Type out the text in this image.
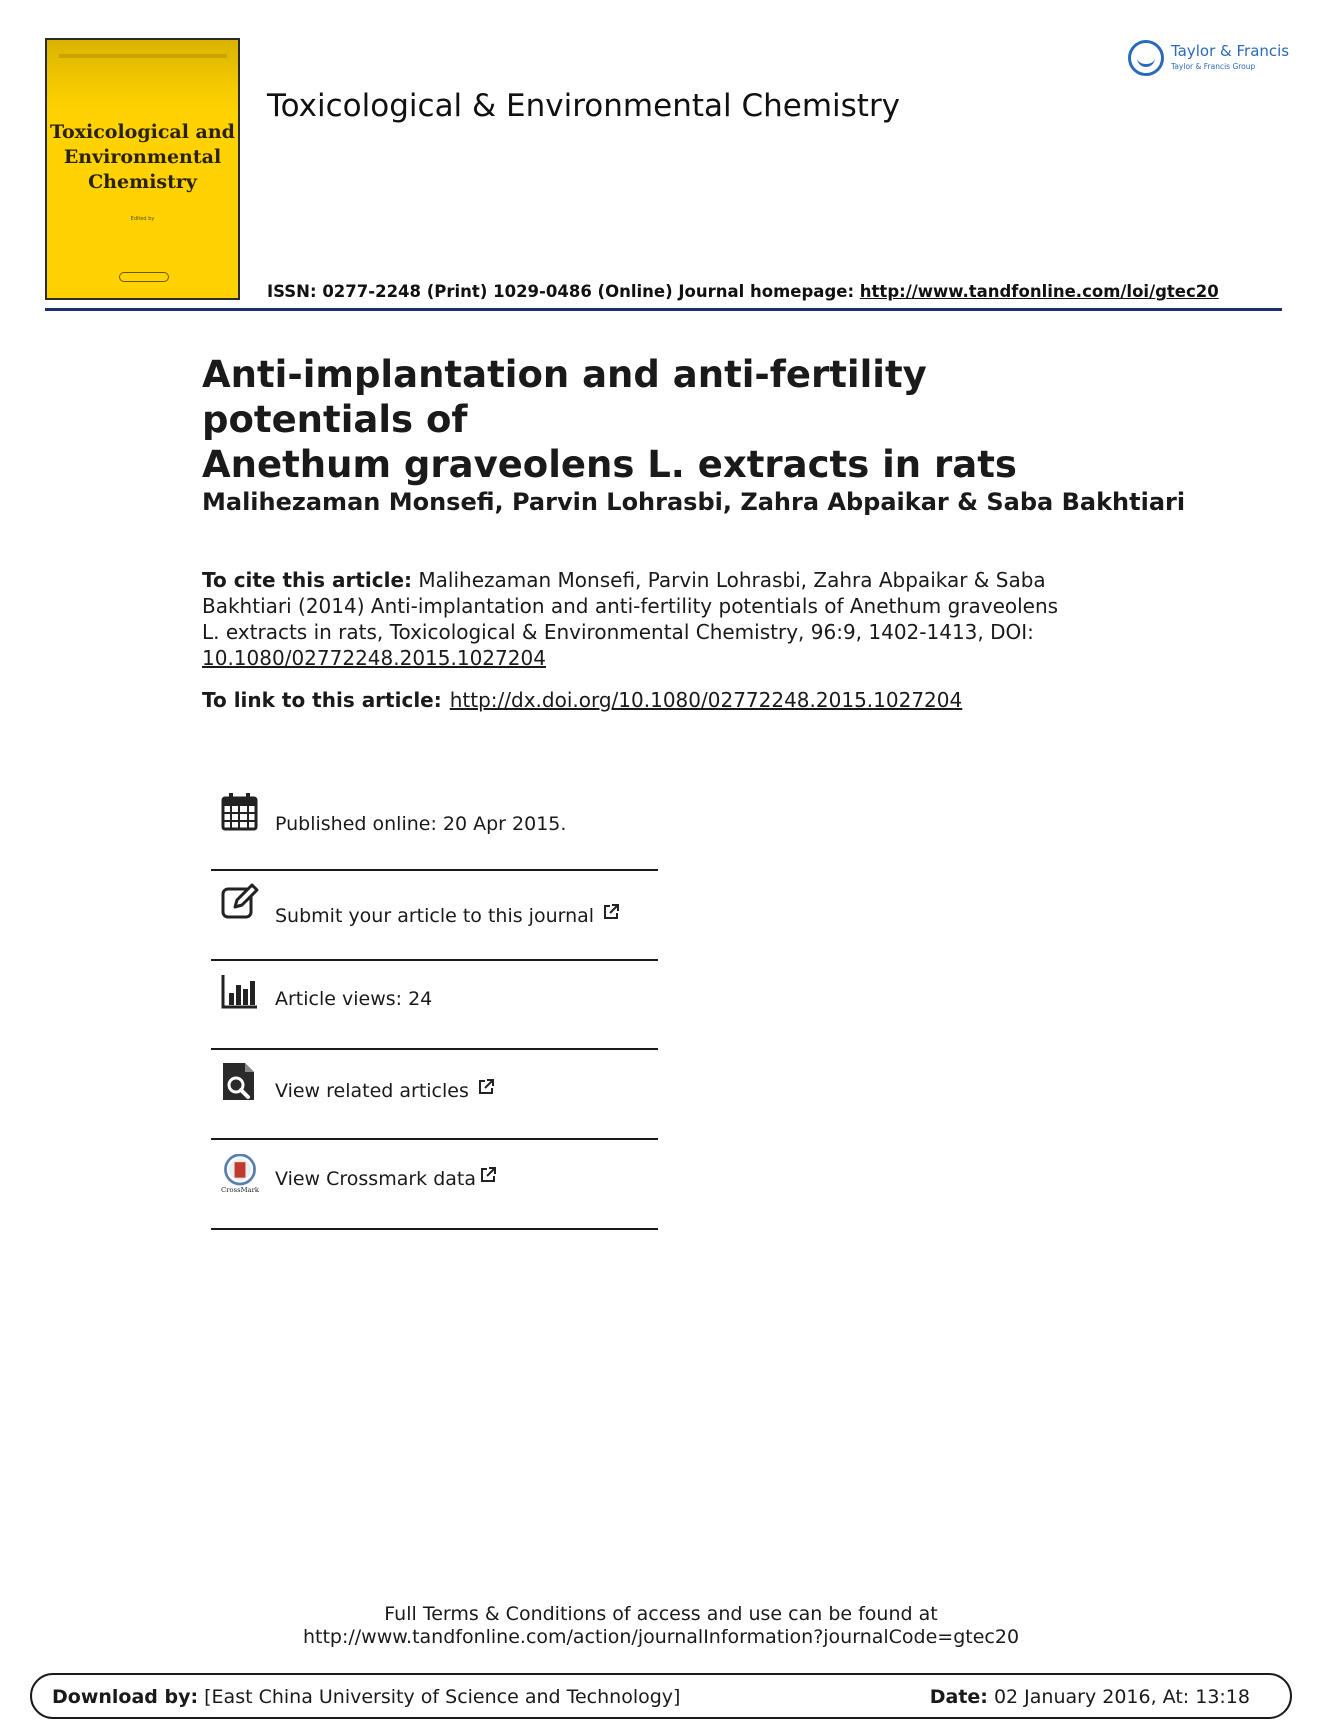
Toxicological and
Environmental
Chemistry
Edited by
Toxicological & Environmental Chemistry
ISSN: 0277-2248 (Print) 1029-0486 (Online) Journal homepage: http://www.tandfonline.com/loi/gtec20
Taylor & Francis
Taylor & Francis Group
Anti-implantation and anti-fertility potentials of
Anethum graveolens L. extracts in rats
Malihezaman Monsefi, Parvin Lohrasbi, Zahra Abpaikar & Saba Bakhtiari
To cite this article: Malihezaman Monsefi, Parvin Lohrasbi, Zahra Abpaikar & Saba
Bakhtiari (2014) Anti-implantation and anti-fertility potentials of Anethum graveolens
L. extracts in rats, Toxicological & Environmental Chemistry, 96:9, 1402-1413, DOI:
10.1080/02772248.2015.1027204
To link to this article: http://dx.doi.org/10.1080/02772248.2015.1027204
Published online: 20 Apr 2015.
Submit your article to this journal
Article views: 24
View related articles
CrossMark
View Crossmark data
Full Terms & Conditions of access and use can be found at
http://www.tandfonline.com/action/journalInformation?journalCode=gtec20
Download by: [East China University of Science and Technology]	Date: 02 January 2016, At: 13:18
